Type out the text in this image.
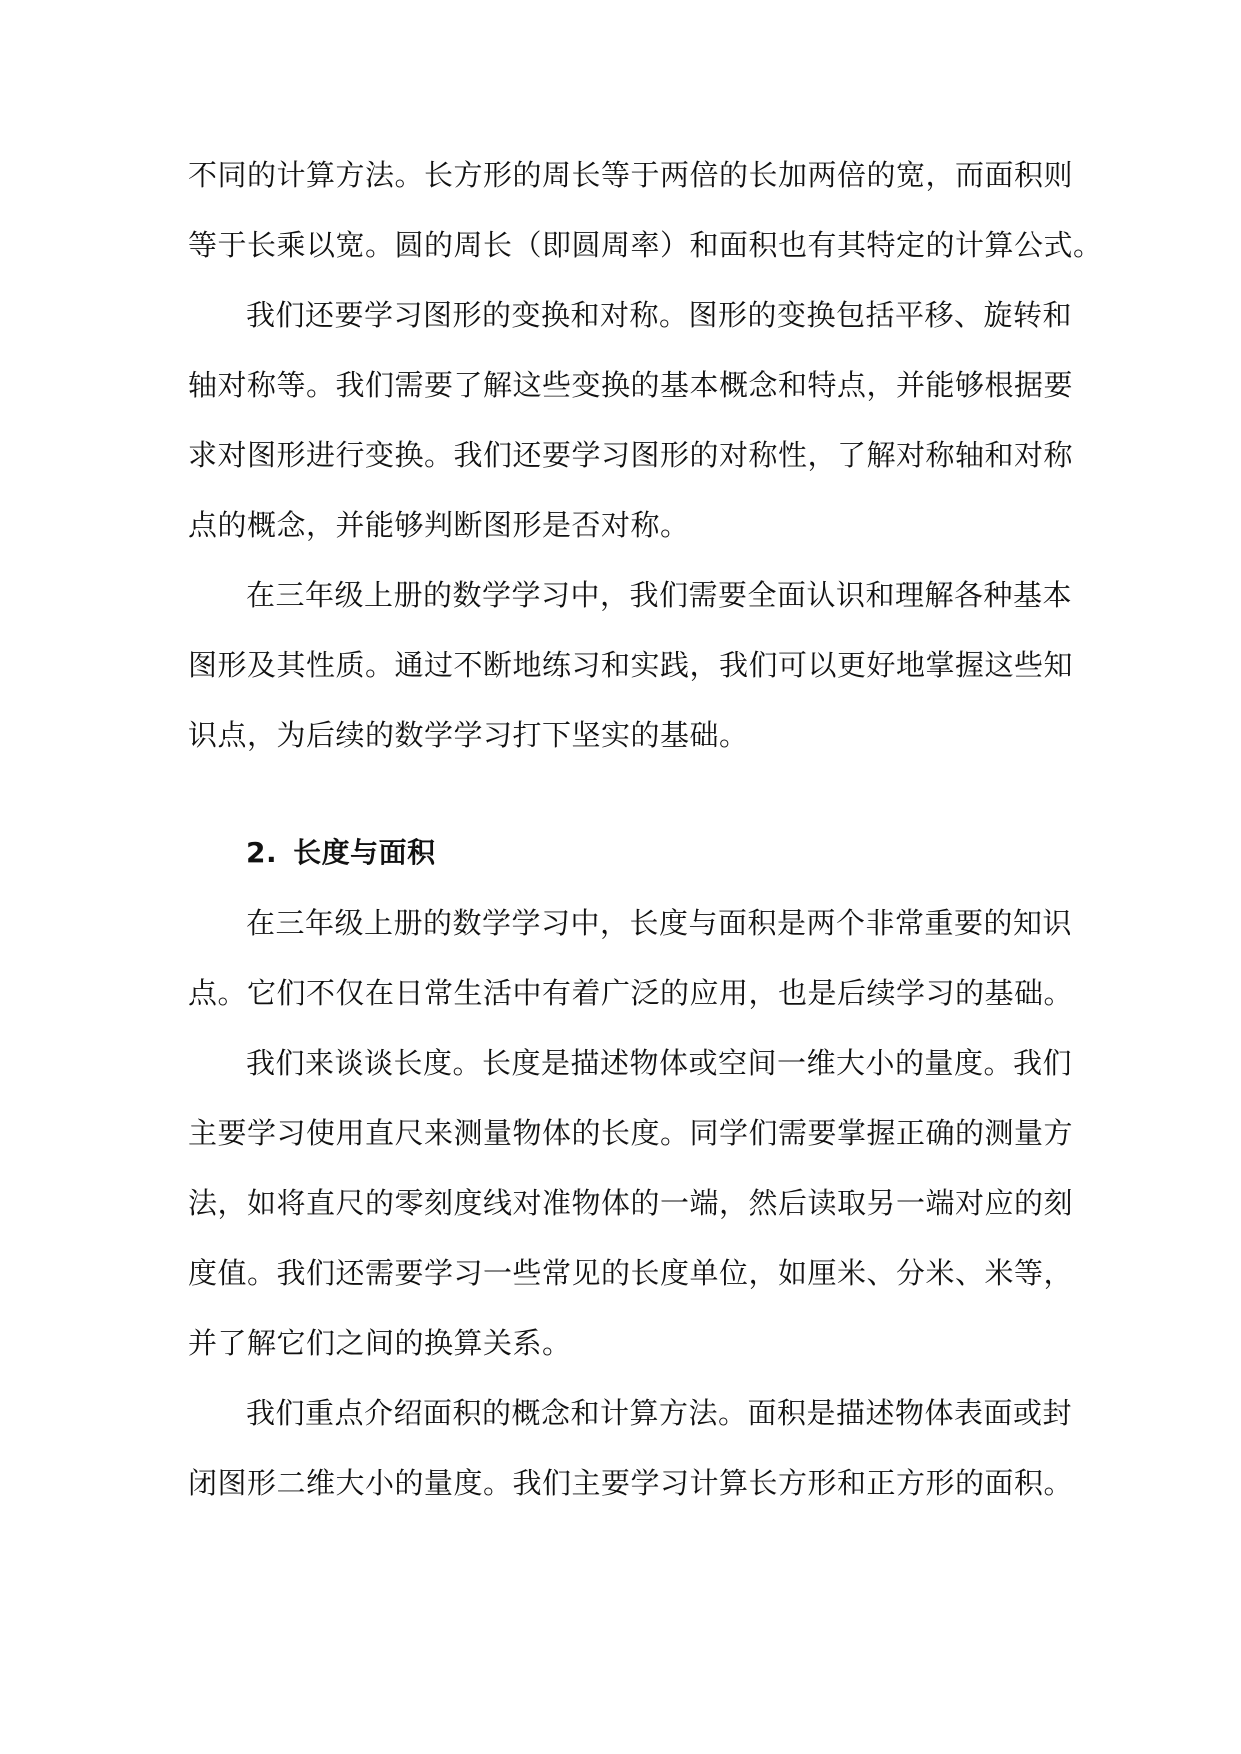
不同的计算方法。长方形的周长等于两倍的长加两倍的宽，而面积则
等于长乘以宽。圆的周长（即圆周率）和面积也有其特定的计算公式。
我们还要学习图形的变换和对称。图形的变换包括平移、旋转和
轴对称等。我们需要了解这些变换的基本概念和特点，并能够根据要
求对图形进行变换。我们还要学习图形的对称性，了解对称轴和对称
点的概念，并能够判断图形是否对称。
在三年级上册的数学学习中，我们需要全面认识和理解各种基本
图形及其性质。通过不断地练习和实践，我们可以更好地掌握这些知
识点，为后续的数学学习打下坚实的基础。
2. 长度与面积
在三年级上册的数学学习中，长度与面积是两个非常重要的知识
点。它们不仅在日常生活中有着广泛的应用，也是后续学习的基础。
我们来谈谈长度。长度是描述物体或空间一维大小的量度。我们
主要学习使用直尺来测量物体的长度。同学们需要掌握正确的测量方
法，如将直尺的零刻度线对准物体的一端，然后读取另一端对应的刻
度值。我们还需要学习一些常见的长度单位，如厘米、分米、米等，
并了解它们之间的换算关系。
我们重点介绍面积的概念和计算方法。面积是描述物体表面或封
闭图形二维大小的量度。我们主要学习计算长方形和正方形的面积。
